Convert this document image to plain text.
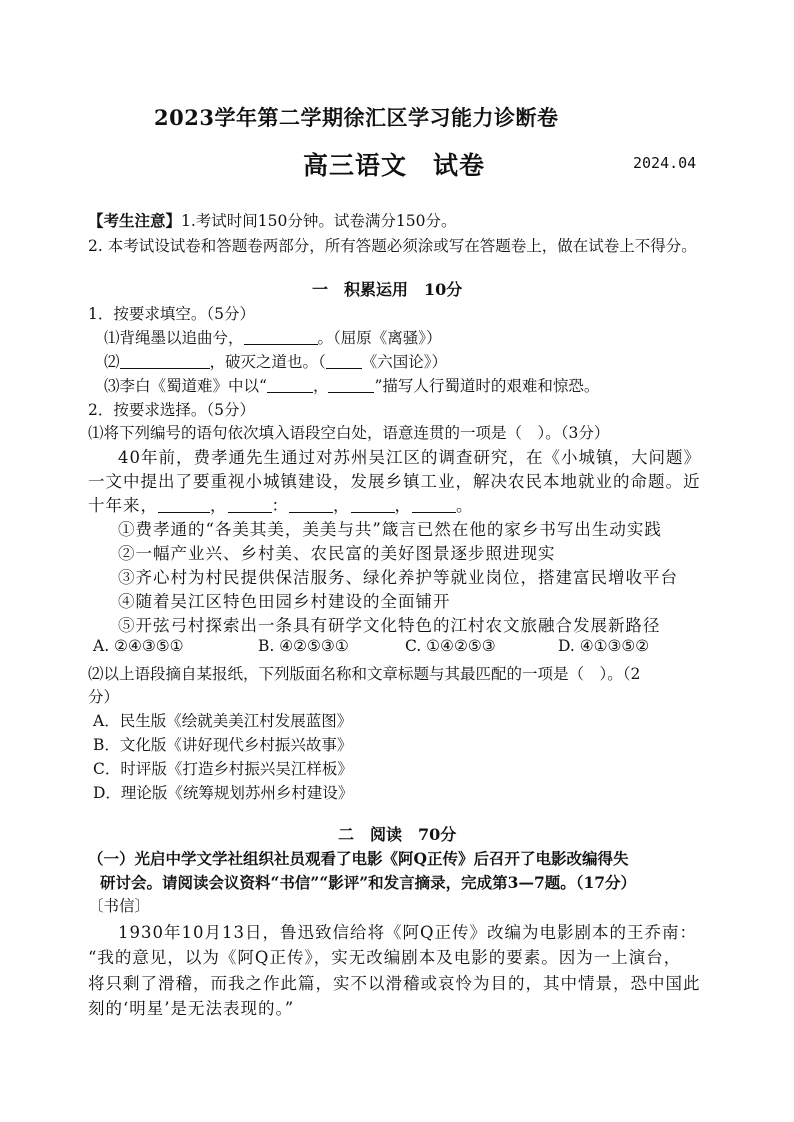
2023学年第二学期徐汇区学习能力诊断卷
高三语文　试卷	2024.04
【考生注意】1.考试时间150分钟。试卷满分150分。
2. 本考试设试卷和答题卷两部分，所有答题必须涂或写在答题卷上，做在试卷上不得分。
一　积累运用　10分
1．按要求填空。（5分）
⑴背绳墨以追曲兮，	。（屈原《离骚》）
⑵	，破灭之道也。（ 《六国论》）
⑶李白《蜀道难》中以“	，	”描写人行蜀道时的艰难和惊恐。
2．按要求选择。（5分）
⑴将下列编号的语句依次填入语段空白处，语意连贯的一项是（　）。（3分）
40年前，费孝通先生通过对苏州吴江区的调查研究，在《小城镇，大问题》
一文中提出了要重视小城镇建设，发展乡镇工业，解决农民本地就业的命题。近
十年来，	，	：	，	，	。
①费孝通的“各美其美，美美与共”箴言已然在他的家乡书写出生动实践
②一幅产业兴、乡村美、农民富的美好图景逐步照进现实
③齐心村为村民提供保洁服务、绿化养护等就业岗位，搭建富民增收平台
④随着吴江区特色田园乡村建设的全面铺开
⑤开弦弓村探索出一条具有研学文化特色的江村农文旅融合发展新路径
A. ②④③⑤①	B. ④②⑤③①	C. ①④②⑤③	D. ④①③⑤②
⑵以上语段摘自某报纸，下列版面名称和文章标题与其最匹配的一项是（　）。（2
分）
A．民生版《绘就美美江村发展蓝图》
B．文化版《讲好现代乡村振兴故事》
C．时评版《打造乡村振兴吴江样板》
D．理论版《统筹规划苏州乡村建设》
二　阅读　70分
（一）光启中学文学社组织社员观看了电影《阿Q正传》后召开了电影改编得失
研讨会。请阅读会议资料“书信”“影评”和发言摘录，完成第3—7题。（17分）
〔书信〕
1930年10月13日，鲁迅致信给将《阿Q正传》改编为电影剧本的王乔南：
“我的意见，以为《阿Q正传》，实无改编剧本及电影的要素。因为一上演台，
将只剩了滑稽，而我之作此篇，实不以滑稽或哀怜为目的，其中情景，恐中国此
刻的‘明星’是无法表现的。”
